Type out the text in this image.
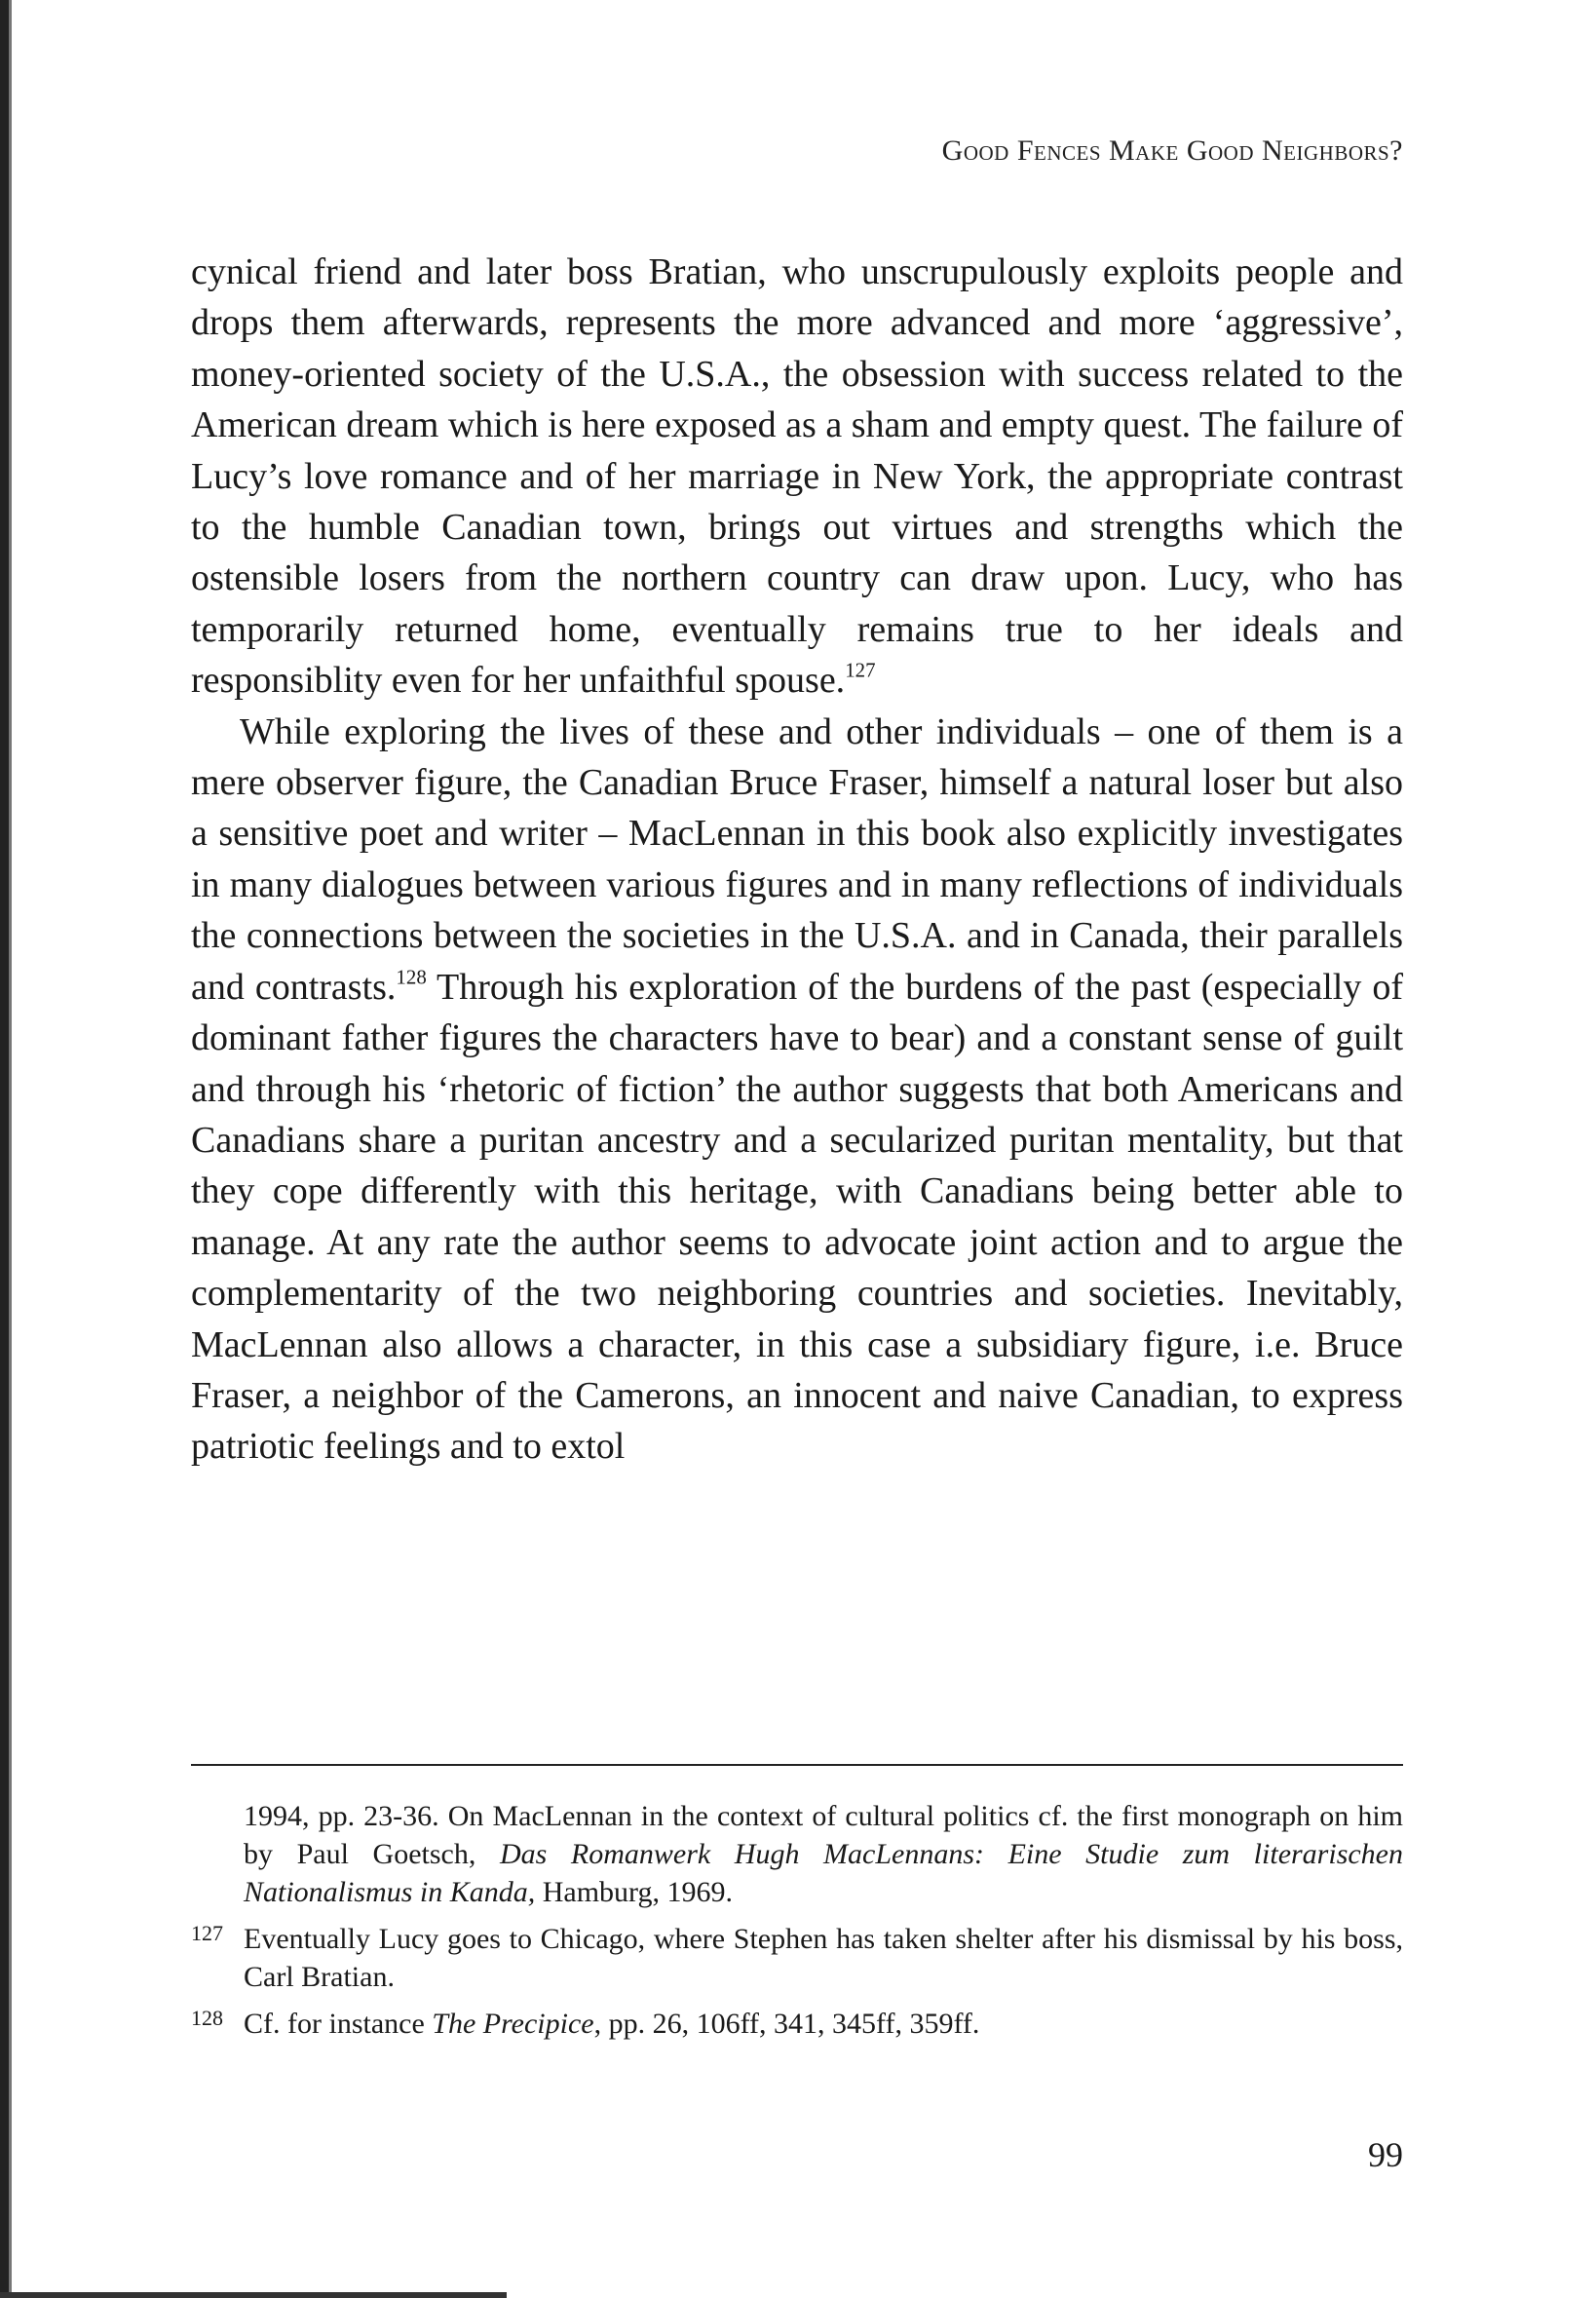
Good Fences Make Good Neighbors?

cynical friend and later boss Bratian, who unscrupulously exploits people and drops them afterwards, represents the more advanced and more ‘aggressive’, money-oriented society of the U.S.A., the obsession with success related to the American dream which is here exposed as a sham and empty quest. The failure of Lucy’s love romance and of her marriage in New York, the appropriate contrast to the humble Canadian town, brings out virtues and strengths which the ostensible losers from the northern country can draw upon. Lucy, who has temporarily returned home, eventually remains true to her ideals and responsiblity even for her unfaithful spouse.$^{127}$

While exploring the lives of these and other individuals – one of them is a mere observer figure, the Canadian Bruce Fraser, himself a natural loser but also a sensitive poet and writer – MacLennan in this book also explicitly investigates in many dialogues between various figures and in many reflections of individuals the connections between the societies in the U.S.A. and in Canada, their parallels and contrasts.$^{128}$ Through his exploration of the burdens of the past (especially of dominant father figures the characters have to bear) and a constant sense of guilt and through his ‘rhetoric of fiction’ the author suggests that both Americans and Canadians share a puritan ancestry and a secularized puritan mentality, but that they cope differently with this heritage, with Canadians being better able to manage. At any rate the author seems to advocate joint action and to argue the complementarity of the two neighboring countries and societies. Inevitably, MacLennan also allows a character, in this case a subsidiary figure, i.e. Bruce Fraser, a neighbor of the Camerons, an innocent and naive Canadian, to express patriotic feelings and to extol

1994, pp. 23-36. On MacLennan in the context of cultural politics cf. the first monograph on him by Paul Goetsch, Das Romanwerk Hugh MacLennans: Eine Studie zum literarischen Nationalismus in Kanda, Hamburg, 1969.
127 Eventually Lucy goes to Chicago, where Stephen has taken shelter after his dismissal by his boss, Carl Bratian.
128 Cf. for instance The Precipice, pp. 26, 106ff, 341, 345ff, 359ff.
99
